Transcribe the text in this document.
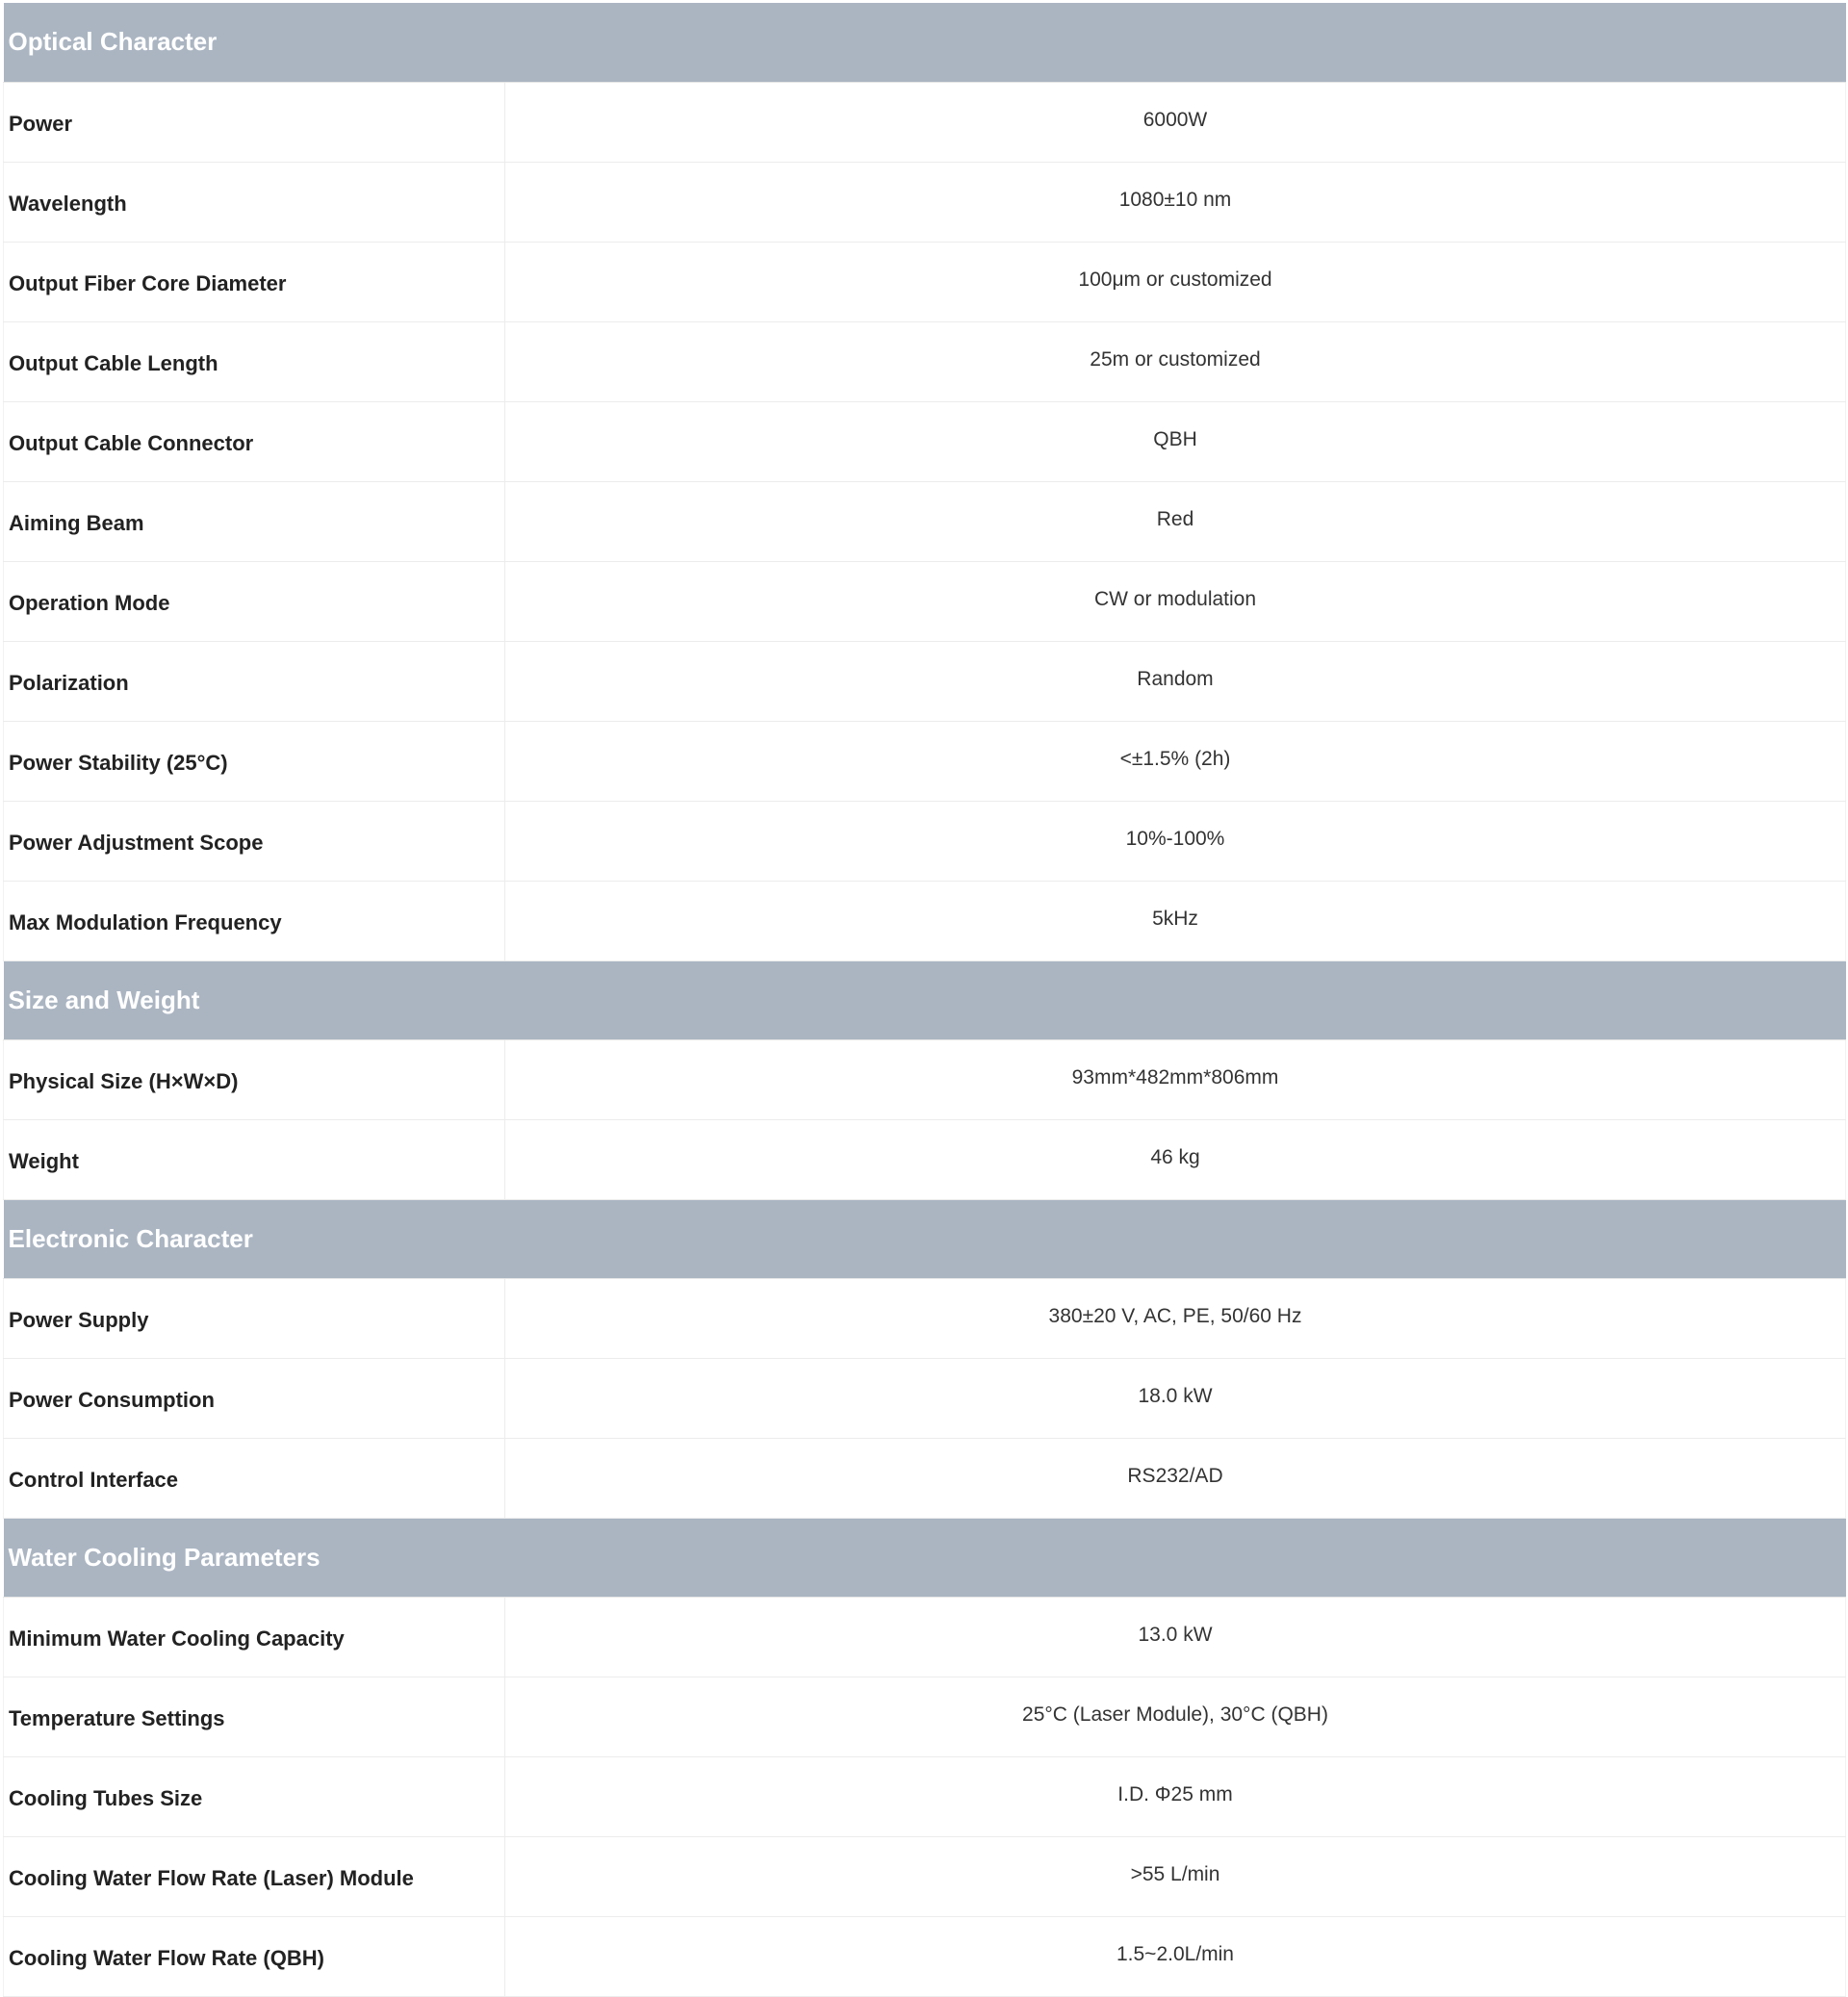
Optical Character	
Power	6000W
Wavelength	1080±10 nm
Output Fiber Core Diameter	100μm or customized
Output Cable Length	25m or customized
Output Cable Connector	QBH
Aiming Beam	Red
Operation Mode	CW or modulation
Polarization	Random
Power Stability (25°C)	<±1.5% (2h)
Power Adjustment Scope	10%-100%
Max Modulation Frequency	5kHz
Size and Weight	
Physical Size (H×W×D)	93mm*482mm*806mm
Weight	46 kg
Electronic Character	
Power Supply	380±20 V, AC, PE, 50/60 Hz
Power Consumption	18.0 kW
Control Interface	RS232/AD
Water Cooling Parameters	
Minimum Water Cooling Capacity	13.0 kW
Temperature Settings	25°C (Laser Module), 30°C (QBH)
Cooling Tubes Size	I.D. Φ25 mm
Cooling Water Flow Rate (Laser) Module	>55 L/min
Cooling Water Flow Rate (QBH)	1.5~2.0L/min
